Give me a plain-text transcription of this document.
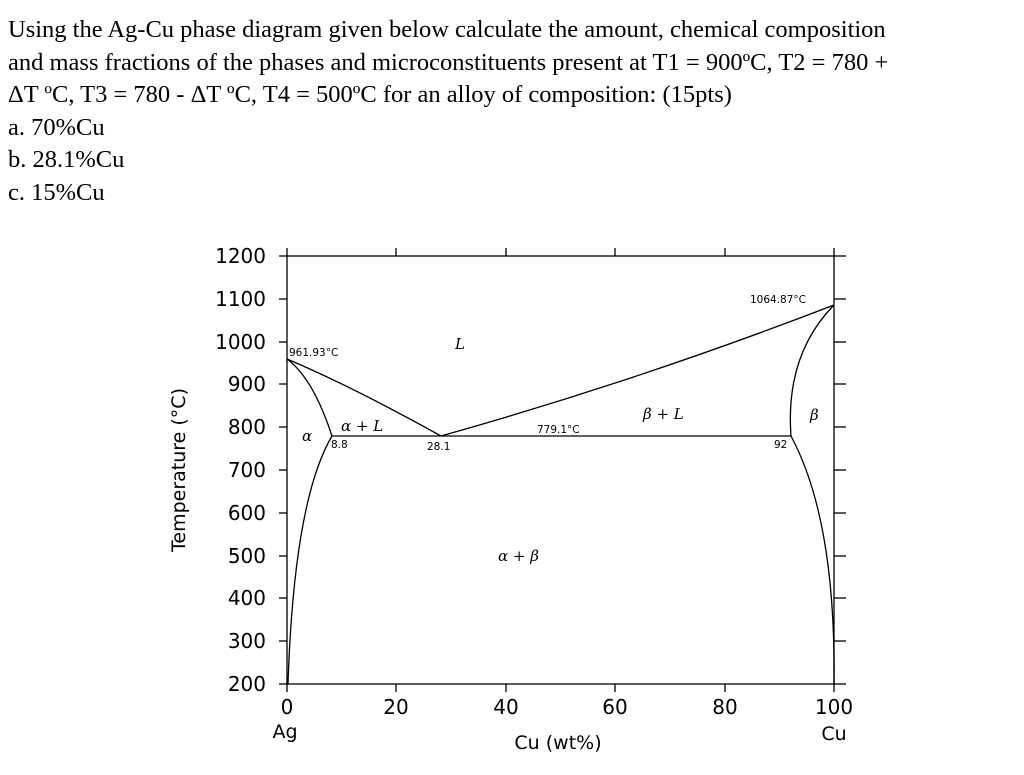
Using the Ag-Cu phase diagram given below calculate the amount, chemical composition

and mass fractions of the phases and microconstituents present at T1 = 900ºC, T2 = 780 +

ΔT ºC, T3 = 780 - ΔT ºC, T4 = 500ºC for an alloy of composition: (15pts)

a. 70%Cu

b. 28.1%Cu

c. 15%Cu

1200
1100
1000
900
800
700
600
500
400
300
200
0	20	40	60	80	100
Ag	Cu
Cu (wt%)
Temperature (°C)
961.93°C
1064.87°C
779.1°C
8.8	28.1	92
L
α
α + L
β + L	β
α + β
